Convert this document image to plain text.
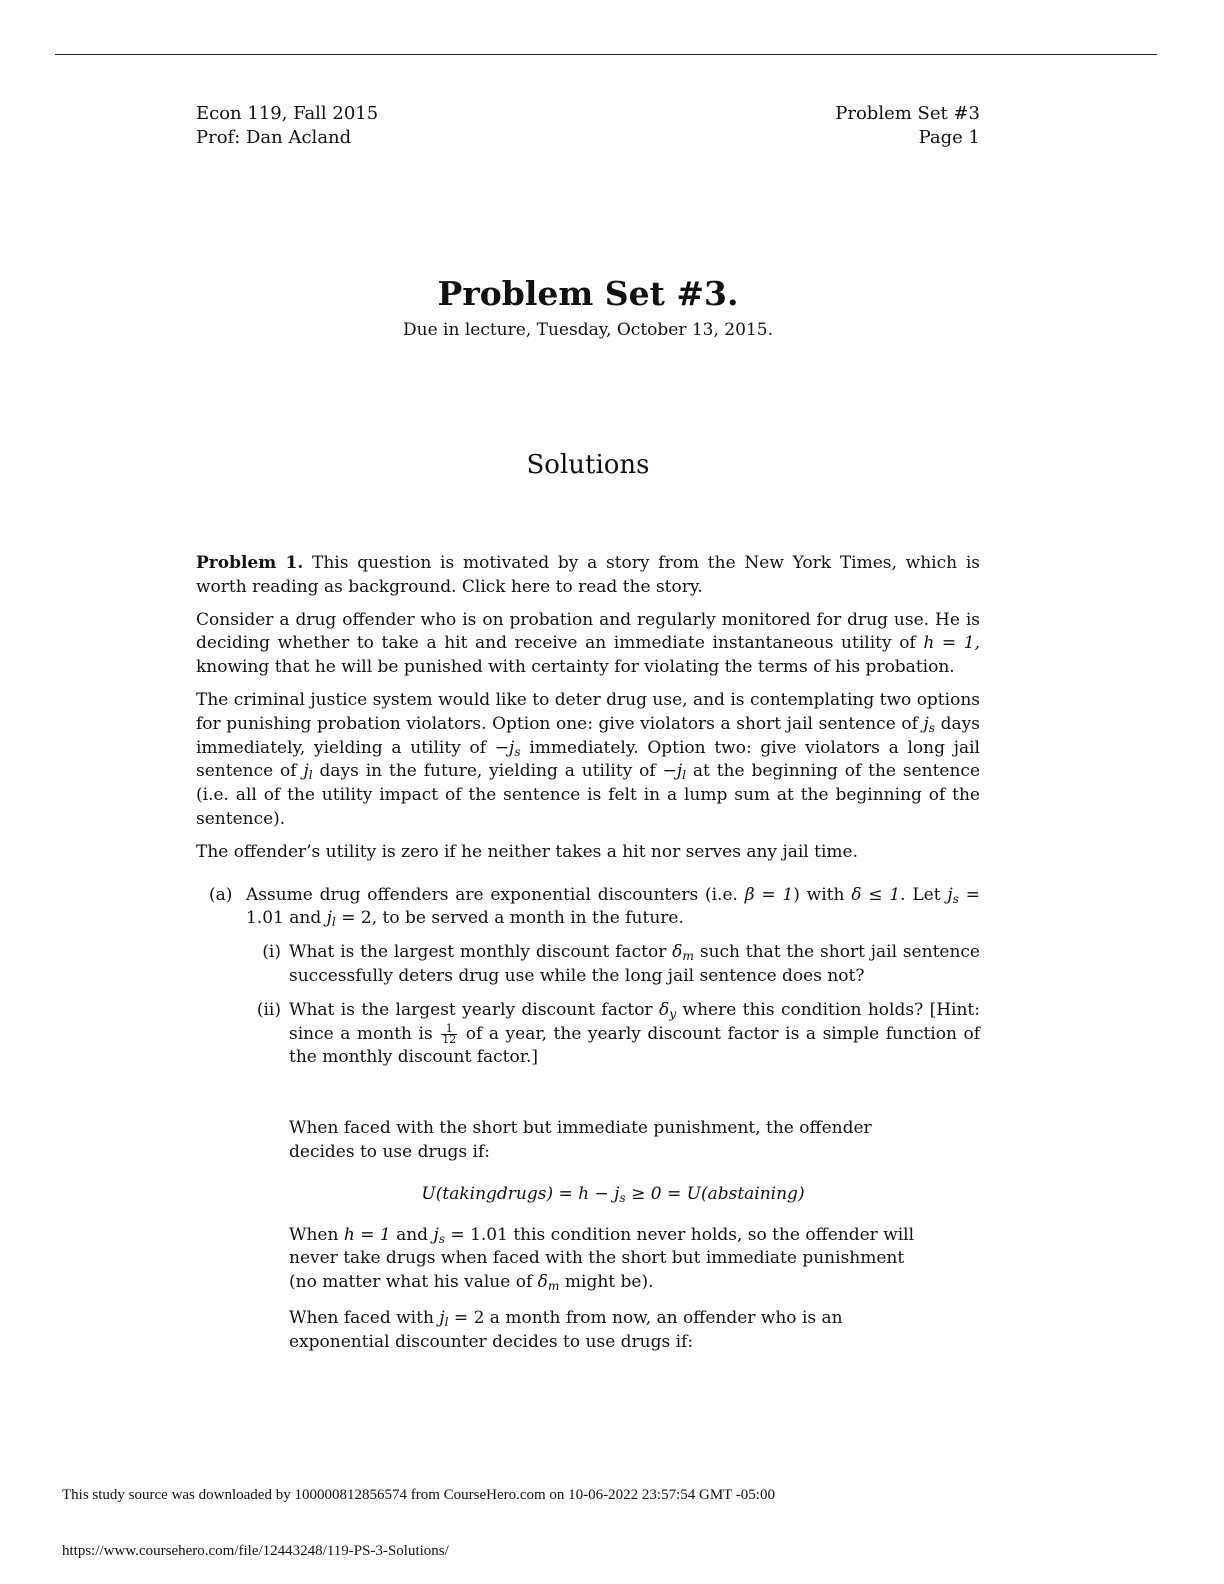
Econ 119, Fall 2015
Prof: Dan Acland
Problem Set #3
Page 1
Problem Set #3.
Due in lecture, Tuesday, October 13, 2015.
Solutions

Problem 1. This question is motivated by a story from the New York Times, which is worth reading as background. Click here to read the story.

Consider a drug offender who is on probation and regularly monitored for drug use. He is deciding whether to take a hit and receive an immediate instantaneous utility of h = 1, knowing that he will be punished with certainty for violating the terms of his probation.

The criminal justice system would like to deter drug use, and is contemplating two options for punishing probation violators. Option one: give violators a short jail sentence of $j_s$ days immediately, yielding a utility of $-j_s$ immediately. Option two: give violators a long jail sentence of $j_l$ days in the future, yielding a utility of $-j_l$ at the beginning of the sentence (i.e. all of the utility impact of the sentence is felt in a lump sum at the beginning of the sentence).

The offender’s utility is zero if he neither takes a hit nor serves any jail time.

(a) Assume drug offenders are exponential discounters (i.e. β = 1) with δ ≤ 1. Let $j_s = 1.01$ and $j_l = 2$, to be served a month in the future.
(i) What is the largest monthly discount factor $\delta_m$ such that the short jail sentence successfully deters drug use while the long jail sentence does not?
(ii) What is the largest yearly discount factor $\delta_y$ where this condition holds? [Hint: since a month is $\frac{1}{12}$ of a year, the yearly discount factor is a simple function of the monthly discount factor.]

When faced with the short but immediate punishment, the offender decides to use drugs if:

U(takingdrugs) = $h - j_s \ge 0$ = U(abstaining)

When h = 1 and $j_s = 1.01$ this condition never holds, so the offender will never take drugs when faced with the short but immediate punishment (no matter what his value of $\delta_m$ might be).

When faced with $j_l = 2$ a month from now, an offender who is an exponential discounter decides to use drugs if:

This study source was downloaded by 100000812856574 from CourseHero.com on 10-06-2022 23:57:54 GMT -05:00
https://www.coursehero.com/file/12443248/119-PS-3-Solutions/
